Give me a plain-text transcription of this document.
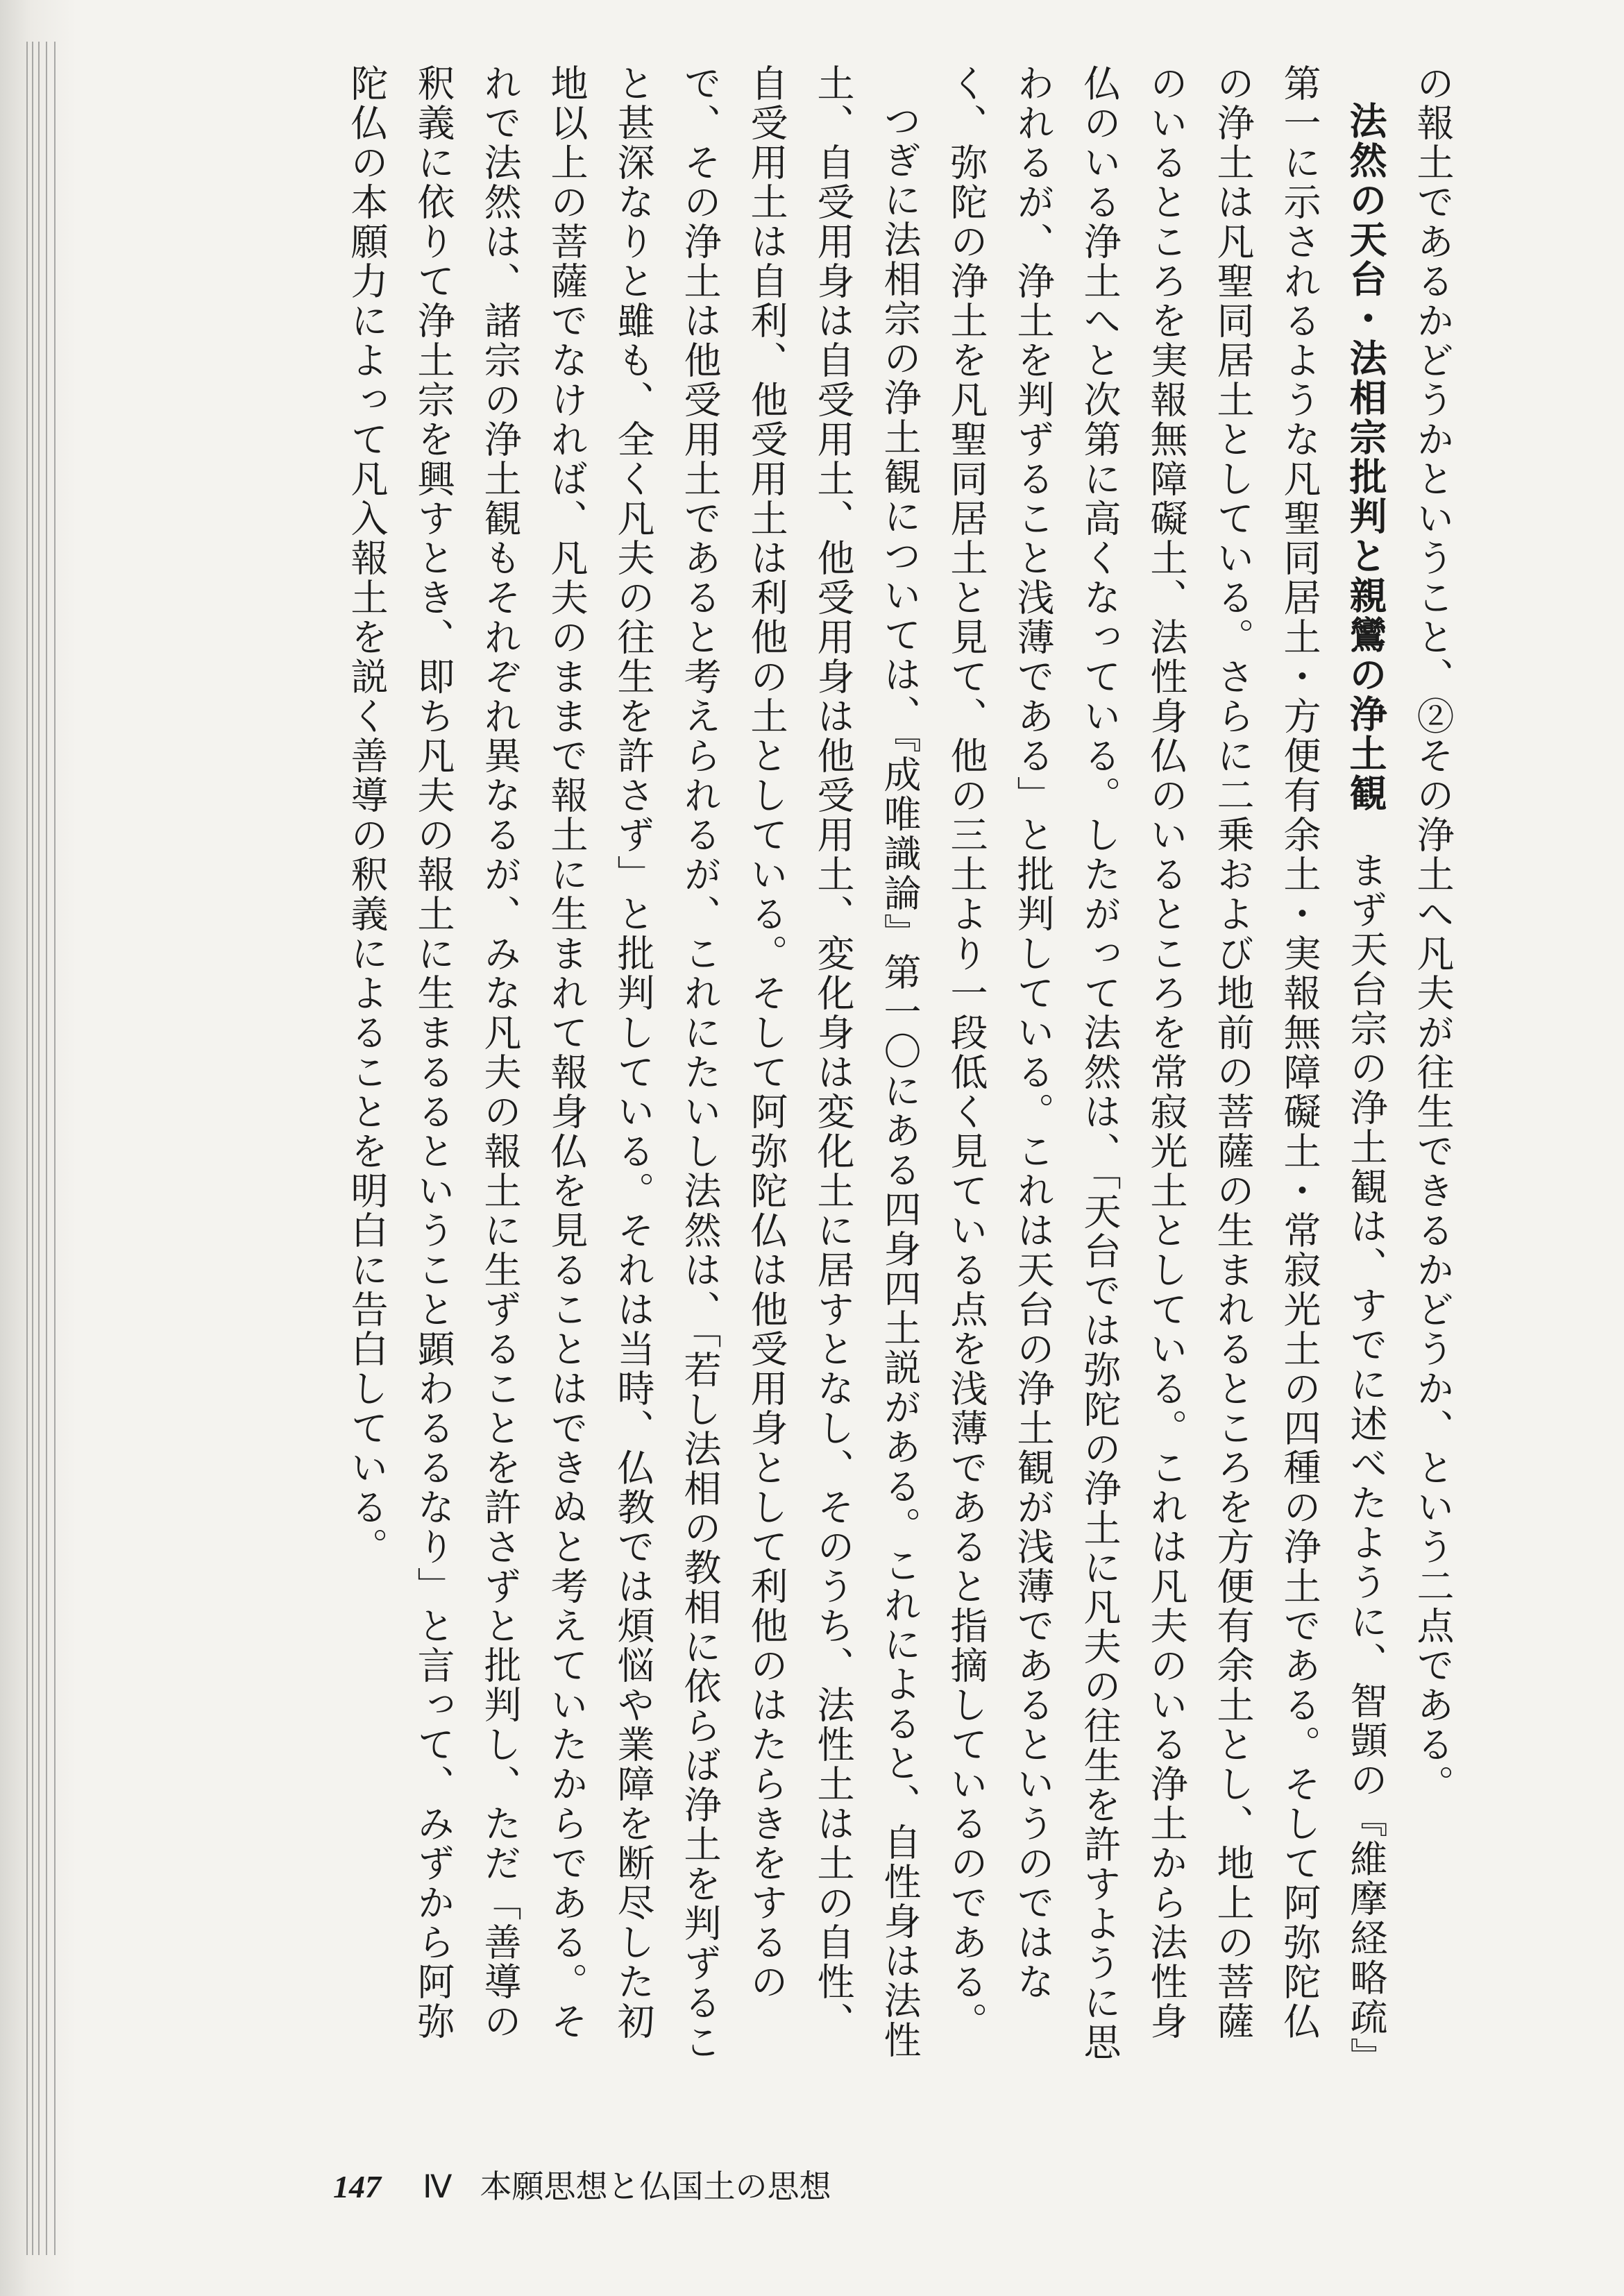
の報土であるかどうかということ、②その浄土へ凡夫が往生できるかどうか、という二点である。

法然の天台・法相宗批判と親鸞の浄土観まず天台宗の浄土観は、すでに述べたように、智顗の『維摩経略疏』第一に示されるような凡聖同居土・方便有余土・実報無障礙土・常寂光土の四種の浄土である。そして阿弥陀仏の浄土は凡聖同居土としている。さらに二乗および地前の菩薩の生まれるところを方便有余土とし、地上の菩薩のいるところを実報無障礙土、法性身仏のいるところを常寂光土としている。これは凡夫のいる浄土から法性身仏のいる浄土へと次第に高くなっている。したがって法然は、「天台では弥陀の浄土に凡夫の往生を許すように思われるが、浄土を判ずること浅薄である」と批判している。これは天台の浄土観が浅薄であるというのではなく、弥陀の浄土を凡聖同居土と見て、他の三土より一段低く見ている点を浅薄であると指摘しているのである。

つぎに法相宗の浄土観については、『成唯識論』第一〇にある四身四土説がある。これによると、自性身は法性土、自受用身は自受用土、他受用身は他受用土、変化身は変化土に居すとなし、そのうち、法性土は土の自性、自受用土は自利、他受用土は利他の土としている。そして阿弥陀仏は他受用身として利他のはたらきをするので、その浄土は他受用土であると考えられるが、これにたいし法然は、「若し法相の教相に依らば浄土を判ずること甚深なりと雖も、全く凡夫の往生を許さず」と批判している。それは当時、仏教では煩悩や業障を断尽した初地以上の菩薩でなければ、凡夫のままで報土に生まれて報身仏を見ることはできぬと考えていたからである。それで法然は、諸宗の浄土観もそれぞれ異なるが、みな凡夫の報土に生ずることを許さずと批判し、ただ「善導の釈義に依りて浄土宗を興すとき、即ち凡夫の報土に生まるるということ顕わるるなり」と言って、みずから阿弥陀仏の本願力によって凡入報土を説く善導の釈義によることを明白に告白している。

147 Ⅳ 本願思想と仏国土の思想
